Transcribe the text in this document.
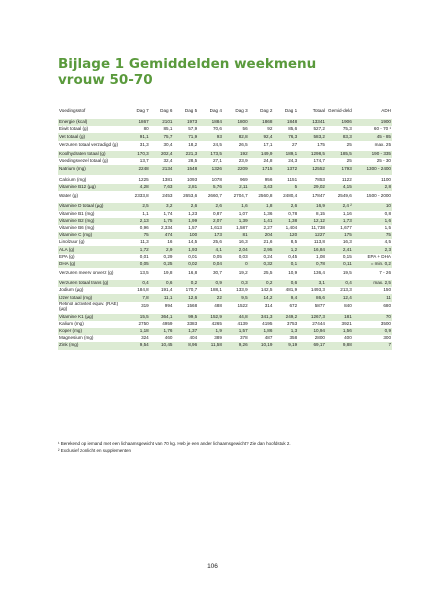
Bijlage 1 Gemiddelden weekmenu
vrouw 50-70
Voedingsstof	Dag 7	Dag 6	Dag 5	Dag 4	Dag 3	Dag 2	Dag 1	Totaal	Gemid-deld	ADH
Energie (kcal)	1867	2101	1973	1884	1800	1868	1848	13341	1906	1900
Eiwit totaal (g)	80	85,1	57,9	70,6	56	92	85,6	527,2	75,3	60 - 70 ¹
Vet totaal (g)	91,1	75,7	71,9	93	82,8	92,4	76,3	583,2	83,3	45 - 85
Verzuren totaal verzadigd (g)	31,3	30,4	18,2	24,5	26,5	17,1	27	175	25	max. 25
Koolhydraten totaal (g)	170,3	202,4	221,3	173,5	192	149,9	189,1	1298,5	185,5	190 - 335
Voedingsvezel totaal (g)	13,7	32,4	28,5	27,1	23,9	24,8	24,3	174,7	25	25 - 30
Natrium (mg)	2248	2134	1548	1326	2209	1715	1372	12552	1793	1300 - 2400

Calcium (mg)	1225	1381	1093	1078	969	956	1151	7853	1122	1100
Vitamine B12 (µg)	4,28	7,63	2,81	5,76	2,11	3,43	5	29,02	4,15	2,8
Water (g)	2333,8	2453	2653,6	2660,7	2704,7	2560,8	2480,4	17847	2549,6	1500 - 2000

Vitamine D totaal (µg)	2,5	3,2	2,6	2,6	1,6	1,8	2,6	16,9	2,4 ²	10
Vitamine B1 (mg)	1,1	1,74	1,23	0,87	1,07	1,36	0,78	8,15	1,16	0,8
Vitamine B2 (mg)	2,13	1,75	1,99	2,07	1,39	1,41	1,38	12,12	1,73	1,6
Vitamine B6 (mg)	0,96	2,334	1,57	1,613	1,587	2,27	1,404	11,738	1,677	1,5
Vitamine C (mg)	75	474	100	173	81	204	120	1227	175	75
Linolzuur (g)	11,3	16	14,5	25,6	16,3	21,6	8,5	113,8	16,3	4,5
ALA (g)	1,72	2,9	1,93	4,1	2,04	2,95	1,2	16,84	2,41	2,3
EPA (g)	0,01	0,29	0,01	0,05	0,03	0,24	0,45	1,08	0,15	EPA + DHA
DHA (g)	0,05	0,25	0,02	0,04	0	0,32	0,1	0,78	0,11	= min. 0,2
Verzuren meerv onverz (g)	13,5	19,8	16,8	30,7	19,2	25,5	10,9	136,4	19,5	7 - 26

Verzuren totaal trans (g)	0,4	0,6	0,2	0,9	0,3	0,2	0,6	3,1	0,4	max. 2,5
Jodium (µg)	184,8	191,4	170,7	188,1	133,9	142,5	481,9	1493,3	213,3	150
IJzer totaal (mg)	7,8	11,1	12,6	22	9,5	14,2	9,4	86,6	12,4	11
Retinol activiteit equiv. (RAE) (µg)	319	994	1568	488	1522	314	672	5877	840	680

Vitamine K1 (µg)	15,5	364,1	99,5	152,9	44,8	341,3	249,2	1267,3	181	70
Kalium (mg)	2750	4959	3383	4265	4139	4195	3753	27444	3921	3500
Koper (mg)	1,18	1,76	1,37	1,9	1,57	1,86	1,3	10,94	1,56	0,9
Magnesium (mg)	324	460	404	389	378	487	358	2800	400	300
Zink (mg)	9,54	10,45	8,96	11,58	9,26	10,19	9,19	69,17	9,88	7
¹ Berekend op iemand met een lichaamsgewicht van 70 kg. Heb je een ander lichaamsgewicht? Zie dan hoofdstuk 2.
² Exclusief zonlicht en supplementen
106
